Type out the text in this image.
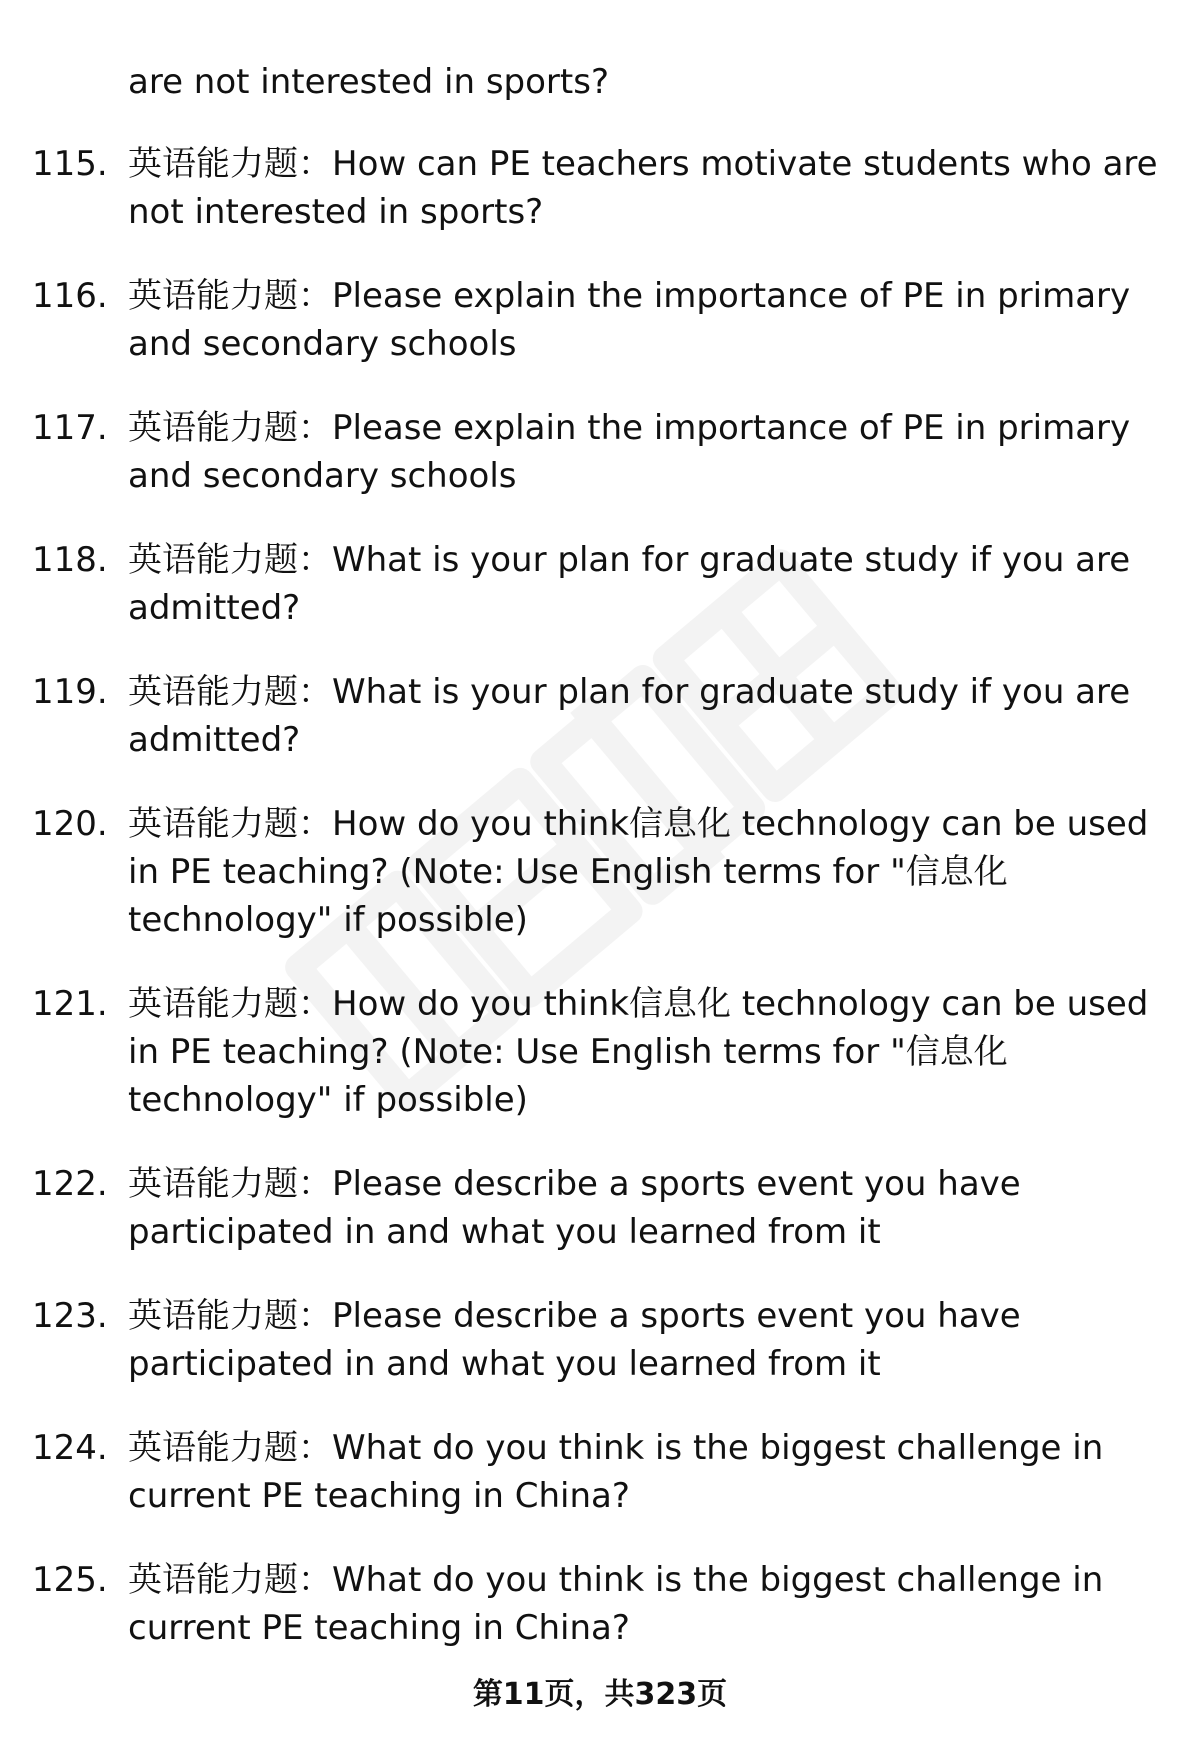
are not interested in sports?

115. 英语能力题：How can PE teachers motivate students who are not interested in sports?
116. 英语能力题：Please explain the importance of PE in primary and secondary schools
117. 英语能力题：Please explain the importance of PE in primary and secondary schools
118. 英语能力题：What is your plan for graduate study if you are admitted?
119. 英语能力题：What is your plan for graduate study if you are admitted?
120. 英语能力题：How do you think信息化 technology can be used in PE teaching? (Note: Use English terms for "信息化 technology" if possible)
121. 英语能力题：How do you think信息化 technology can be used in PE teaching? (Note: Use English terms for "信息化 technology" if possible)
122. 英语能力题：Please describe a sports event you have participated in and what you learned from it
123. 英语能力题：Please describe a sports event you have participated in and what you learned from it
124. 英语能力题：What do you think is the biggest challenge in current PE teaching in China?
125. 英语能力题：What do you think is the biggest challenge in current PE teaching in China?
第11页，共323页
